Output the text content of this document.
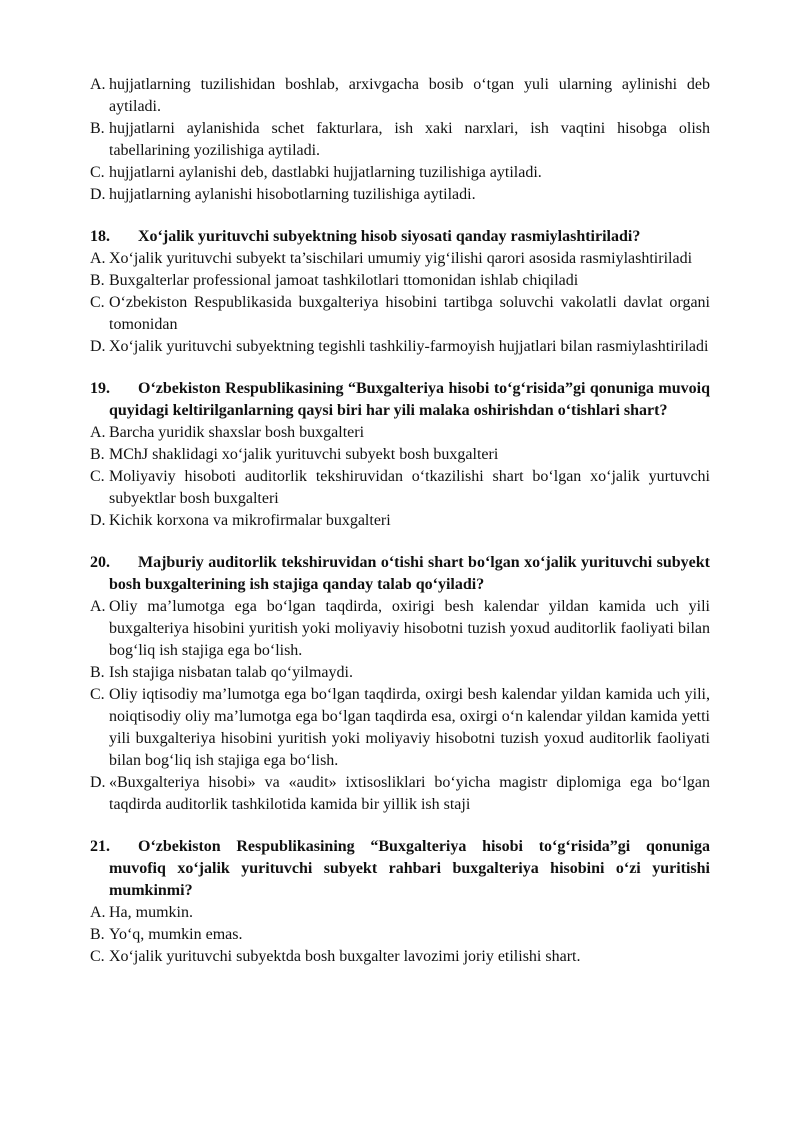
A. hujjatlarning tuzilishidan boshlab, arxivgacha bosib o‘tgan yuli ularning aylinishi deb aytiladi.
B. hujjatlarni aylanishida schet fakturlara, ish xaki narxlari, ish vaqtini hisobga olish tabellarining yozilishiga aytiladi.
C. hujjatlarni aylanishi deb, dastlabki hujjatlarning tuzilishiga aytiladi.
D. hujjatlarning aylanishi hisobotlarning tuzilishiga aytiladi.
18.	Xo‘jalik yurituvchi subyektning hisob siyosati qanday rasmiylashtiriladi?
A. Xo‘jalik yurituvchi subyekt ta’sischilari umumiy yig‘ilishi qarori asosida rasmiylashtiriladi
B. Buxgalterlar professional jamoat tashkilotlari ttomonidan ishlab chiqiladi
C. O‘zbekiston Respublikasida buxgalteriya hisobini tartibga soluvchi vakolatli davlat organi tomonidan
D. Xo‘jalik yurituvchi subyektning tegishli tashkiliy-farmoyish hujjatlari bilan rasmiylashtiriladi
19.	O‘zbekiston Respublikasining “Buxgalteriya hisobi to‘g‘risida”gi qonuniga muvoiq quyidagi keltirilganlarning qaysi biri har yili malaka oshirishdan o‘tishlari shart?
A. Barcha yuridik shaxslar bosh buxgalteri
B. MChJ shaklidagi xo‘jalik yurituvchi subyekt bosh buxgalteri
C. Moliyaviy hisoboti auditorlik tekshiruvidan o‘tkazilishi shart bo‘lgan xo‘jalik yurtuvchi subyektlar bosh buxgalteri
D. Kichik korxona va mikrofirmalar buxgalteri
20.	Majburiy auditorlik tekshiruvidan o‘tishi shart bo‘lgan xo‘jalik yurituvchi subyekt bosh buxgalterining ish stajiga qanday talab qo‘yiladi?
A. Oliy ma’lumotga ega bo‘lgan taqdirda, oxirigi besh kalendar yildan kamida uch yili buxgalteriya hisobini yuritish yoki moliyaviy hisobotni tuzish yoxud auditorlik faoliyati bilan bog‘liq ish stajiga ega bo‘lish.
B. Ish stajiga nisbatan talab qo‘yilmaydi.
C. Oliy iqtisodiy ma’lumotga ega bo‘lgan taqdirda, oxirgi besh kalendar yildan kamida uch yili, noiqtisodiy oliy ma’lumotga ega bo‘lgan taqdirda esa, oxirgi o‘n kalendar yildan kamida yetti yili buxgalteriya hisobini yuritish yoki moliyaviy hisobotni tuzish yoxud auditorlik faoliyati bilan bog‘liq ish stajiga ega bo‘lish.
D. «Buxgalteriya hisobi» va «audit» ixtisosliklari bo‘yicha magistr diplomiga ega bo‘lgan taqdirda auditorlik tashkilotida kamida bir yillik ish staji
21.	O‘zbekiston Respublikasining “Buxgalteriya hisobi to‘g‘risida”gi qonuniga muvofiq xo‘jalik yurituvchi subyekt rahbari buxgalteriya hisobini o‘zi yuritishi mumkinmi?
A. Ha, mumkin.
B. Yo‘q, mumkin emas.
C. Xo‘jalik yurituvchi subyektda bosh buxgalter lavozimi joriy etilishi shart.
